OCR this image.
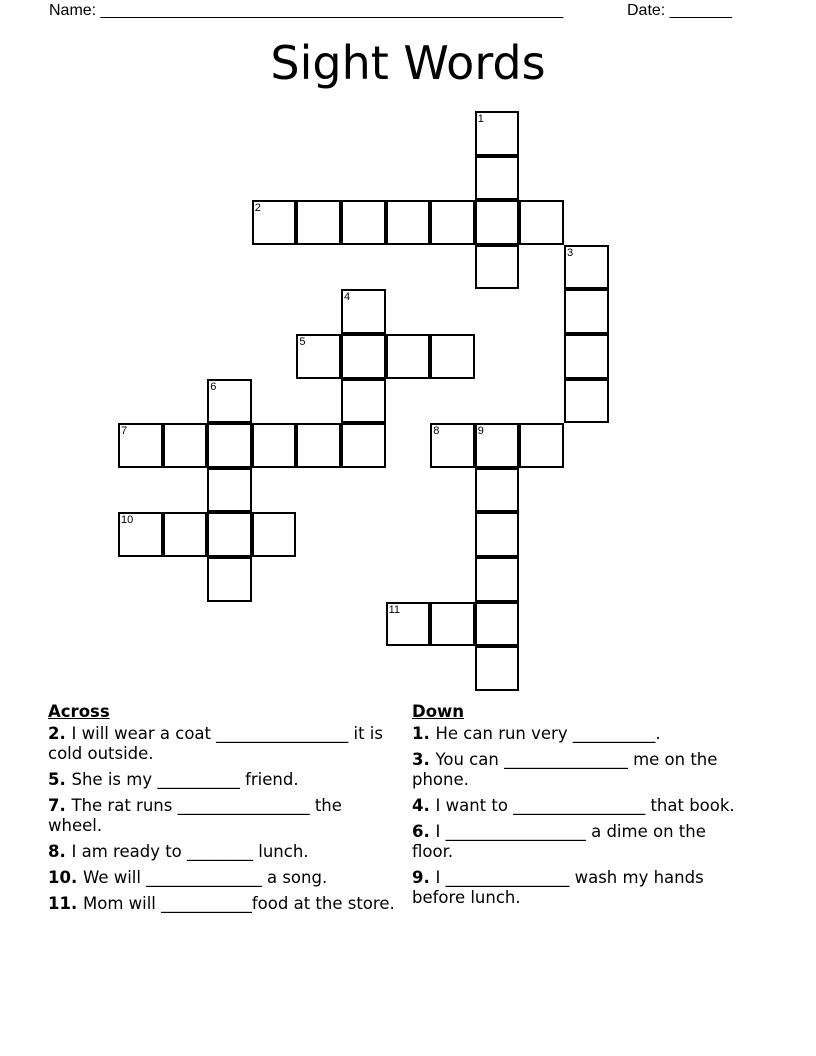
Name: ____________________________________________________	Date: _______
Sight Words
1
2
3
4
5
6
7	8	9
10
11
Across
2. I will wear a coat ________________ it is cold outside.
5. She is my __________ friend.
7. The rat runs ________________ the wheel.
8. I am ready to ________ lunch.
10. We will ______________ a song.
11. Mom will ___________food at the store.
Down
1. He can run very __________.
3. You can _______________ me on the phone.
4. I want to ________________ that book.
6. I _________________ a dime on the floor.
9. I _______________ wash my hands before lunch.
